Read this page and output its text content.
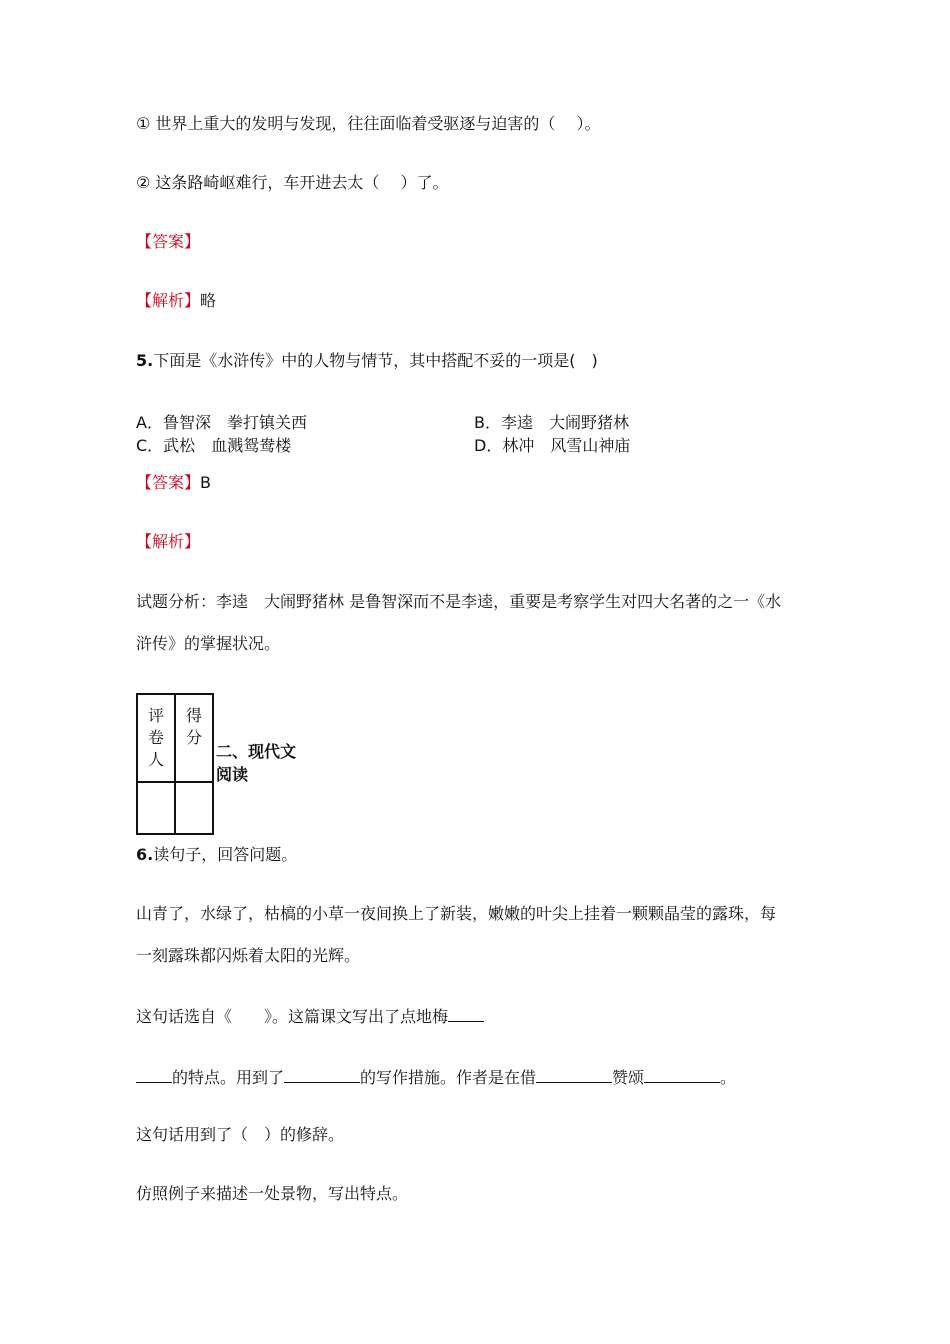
① 世界上重大的发明与发现，往往面临着受驱逐与迫害的（　 ）。
② 这条路崎岖难行，车开进去太（　 ）了。
【答案】
【解析】略
5.下面是《水浒传》中的人物与情节，其中搭配不妥的一项是(　)
A．鲁智深　拳打镇关西	B．李逵　大闹野猪林
C．武松　血溅鸳鸯楼	D．林冲　风雪山神庙
【答案】B
【解析】
试题分析：李逵　大闹野猪林 是鲁智深而不是李逵，重要是考察学生对四大名著的之一《水
浒传》的掌握状况。
评卷人	得分

二、现代文阅读
6.读句子，回答问题。
山青了，水绿了，枯槁的小草一夜间换上了新装，嫩嫩的叶尖上挂着一颗颗晶莹的露珠，每
一刻露珠都闪烁着太阳的光辉。
这句话选自《　　》。这篇课文写出了点地梅
的特点。用到了	的写作措施。作者是在借	赞颂	。
这句话用到了（　）的修辞。
仿照例子来描述一处景物，写出特点。
